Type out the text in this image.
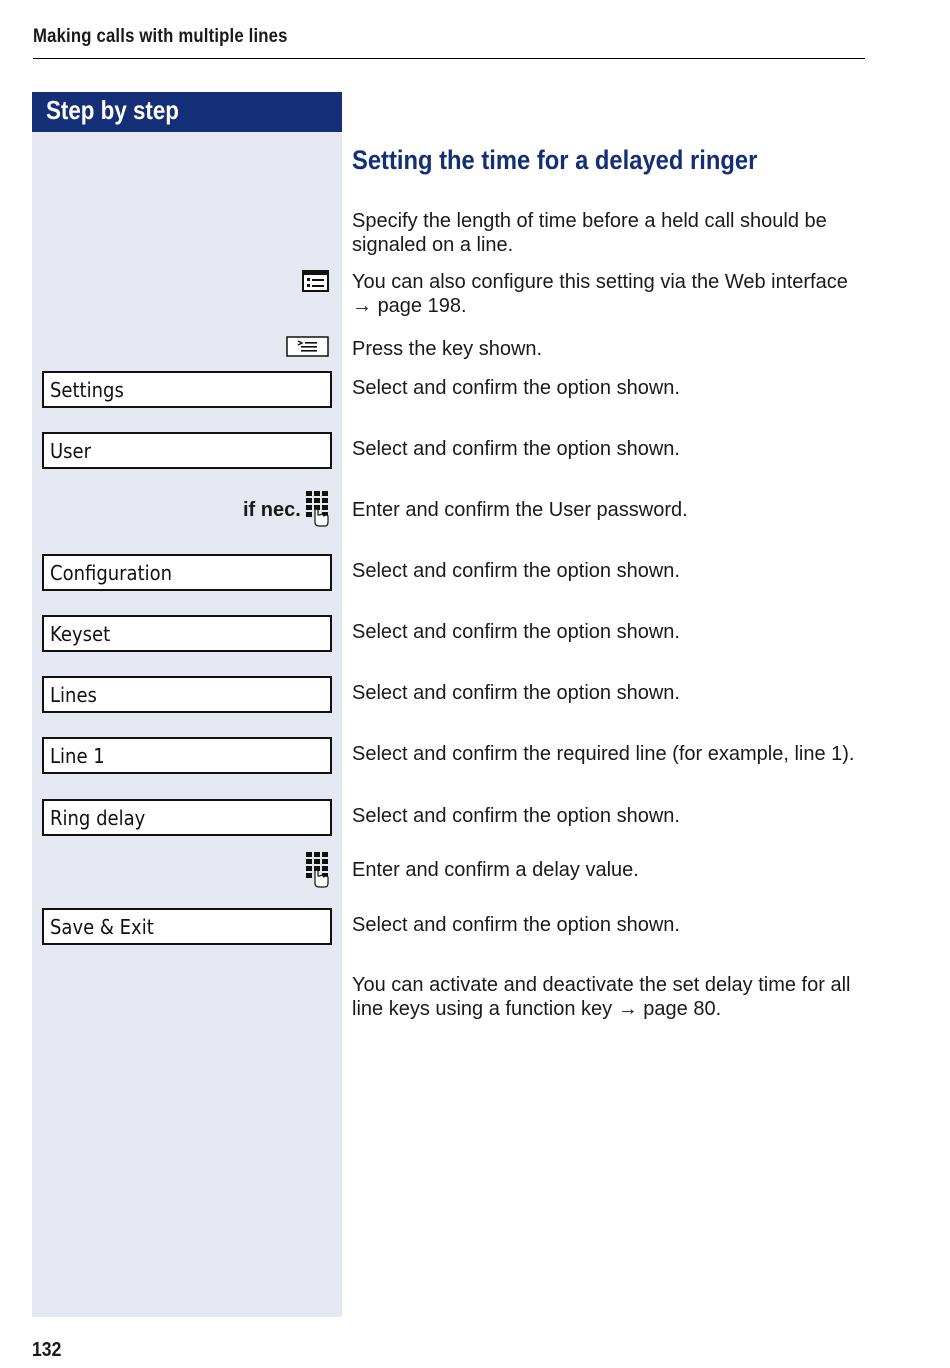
Making calls with multiple lines
Step by step
Setting the time for a delayed ringer
Specify the length of time before a held call should be signaled on a line.
You can also configure this setting via the Web interface
→ page 198.
Press the key shown.
Settings	Select and confirm the option shown.
User	Select and confirm the option shown.
if nec.	Enter and confirm the User password.
Configuration	Select and confirm the option shown.
Keyset	Select and confirm the option shown.
Lines	Select and confirm the option shown.
Line 1	Select and confirm the required line (for example, line 1).
Ring delay	Select and confirm the option shown.
Enter and confirm a delay value.
Save & Exit	Select and confirm the option shown.
You can activate and deactivate the set delay time for all line keys using a function key → page 80.
132
